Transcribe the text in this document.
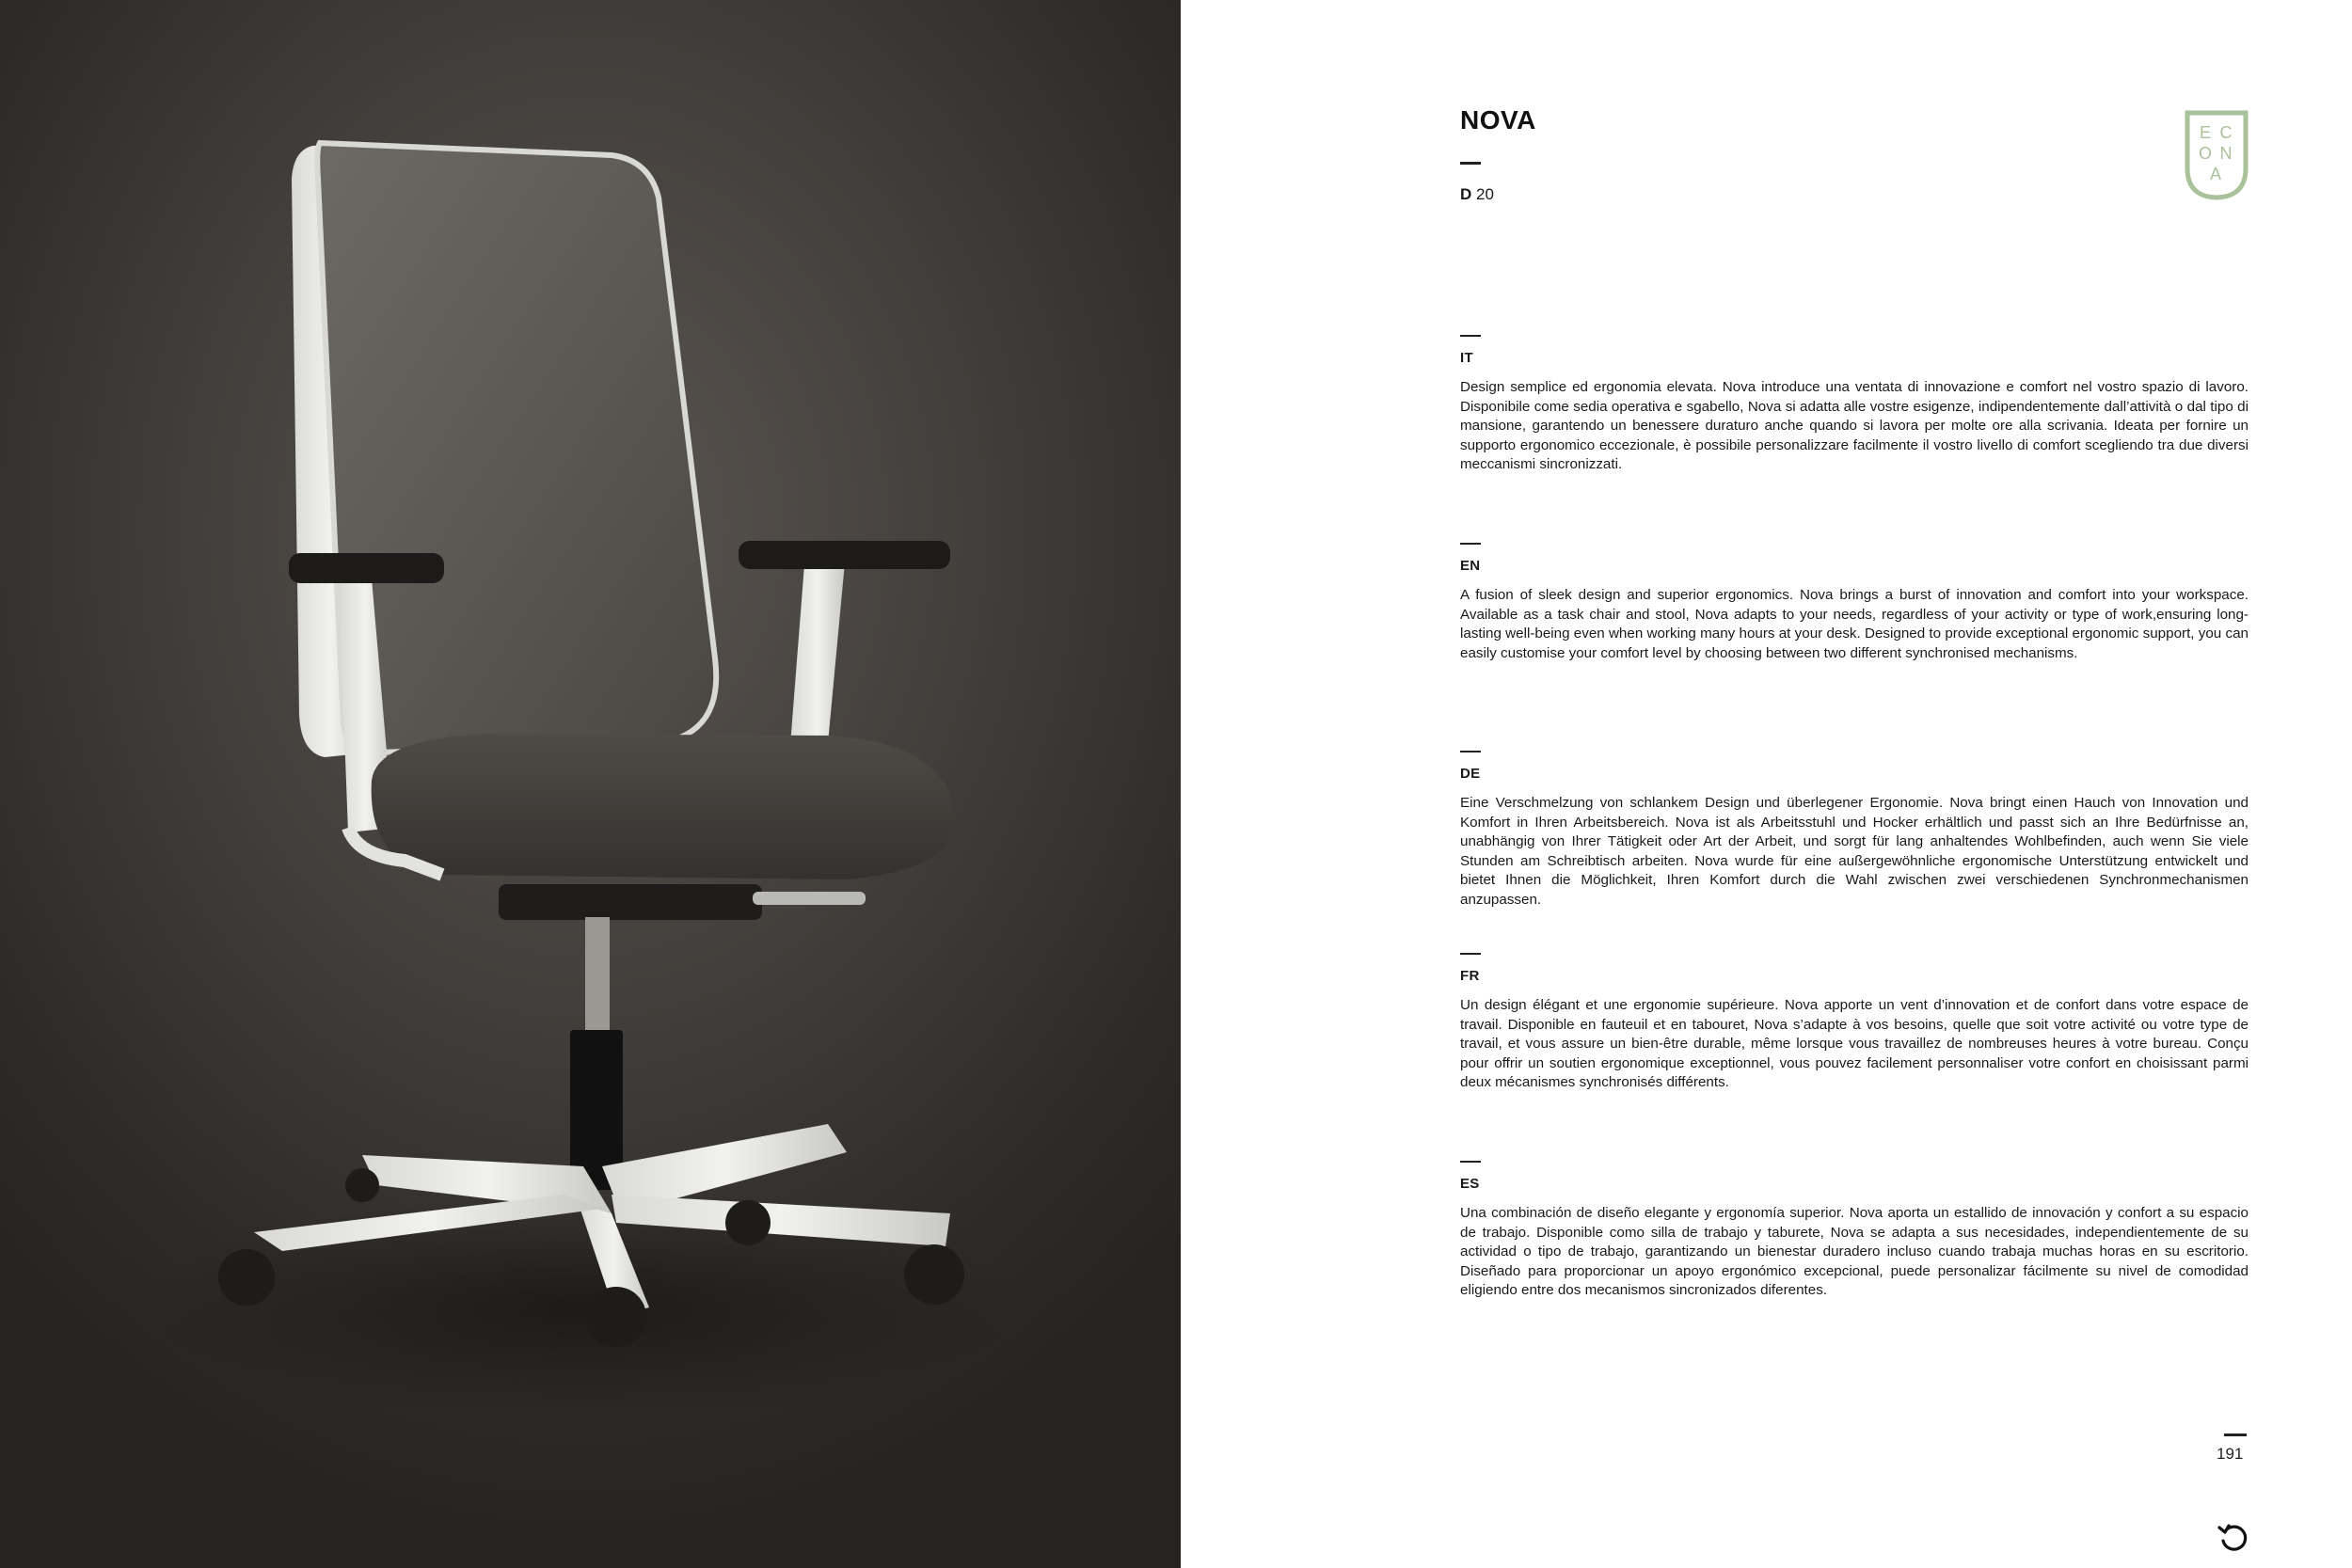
NOVA
D 20
IT

Design semplice ed ergonomia elevata. Nova introduce una ventata di innovazione e comfort nel vostro spazio di lavoro. Disponibile come sedia operativa e sgabello, Nova si adatta alle vostre esigenze, indipendentemente dall’attività o dal tipo di mansione, garantendo un benessere duraturo anche quando si lavora per molte ore alla scrivania. Ideata per fornire un supporto ergonomico eccezionale, è possibile personalizzare facilmente il vostro livello di comfort scegliendo tra due diversi meccanismi sincronizzati.

EN

A fusion of sleek design and superior ergonomics. Nova brings a burst of innovation and comfort into your workspace. Available as a task chair and stool, Nova adapts to your needs, regardless of your activity or type of work,ensuring long-lasting well-being even when working many hours at your desk. Designed to provide exceptional ergonomic support, you can easily customise your comfort level by choosing between two different synchronised mechanisms.

DE

Eine Verschmelzung von schlankem Design und überlegener Ergonomie. Nova bringt einen Hauch von Innovation und Komfort in Ihren Arbeitsbereich. Nova ist als Arbeitsstuhl und Hocker erhältlich und passt sich an Ihre Bedürfnisse an, unabhängig von Ihrer Tätigkeit oder Art der Arbeit, und sorgt für lang anhaltendes Wohlbefinden, auch wenn Sie viele Stunden am Schreibtisch arbeiten. Nova wurde für eine außergewöhnliche ergonomische Unterstützung entwickelt und bietet Ihnen die Möglichkeit, Ihren Komfort durch die Wahl zwischen zwei verschiedenen Synchronmechanismen anzupassen.

FR

Un design élégant et une ergonomie supérieure. Nova apporte un vent d’innovation et de confort dans votre espace de travail. Disponible en fauteuil et en tabouret, Nova s’adapte à vos besoins, quelle que soit votre activité ou votre type de travail, et vous assure un bien-être durable, même lorsque vous travaillez de nombreuses heures à votre bureau. Conçu pour offrir un soutien ergonomique exceptionnel, vous pouvez facilement personnaliser votre confort en choisissant parmi deux mécanismes synchronisés différents.

ES

Una combinación de diseño elegante y ergonomía superior. Nova aporta un estallido de innovación y confort a su espacio de trabajo. Disponible como silla de trabajo y taburete, Nova se adapta a sus necesidades, independientemente de su actividad o tipo de trabajo, garantizando un bienestar duradero incluso cuando trabaja muchas horas en su escritorio. Diseñado para proporcionar un apoyo ergonómico excepcional, puede personalizar fácilmente su nivel de comodidad eligiendo entre dos mecanismos sincronizados diferentes.

E C
O N
A
191
